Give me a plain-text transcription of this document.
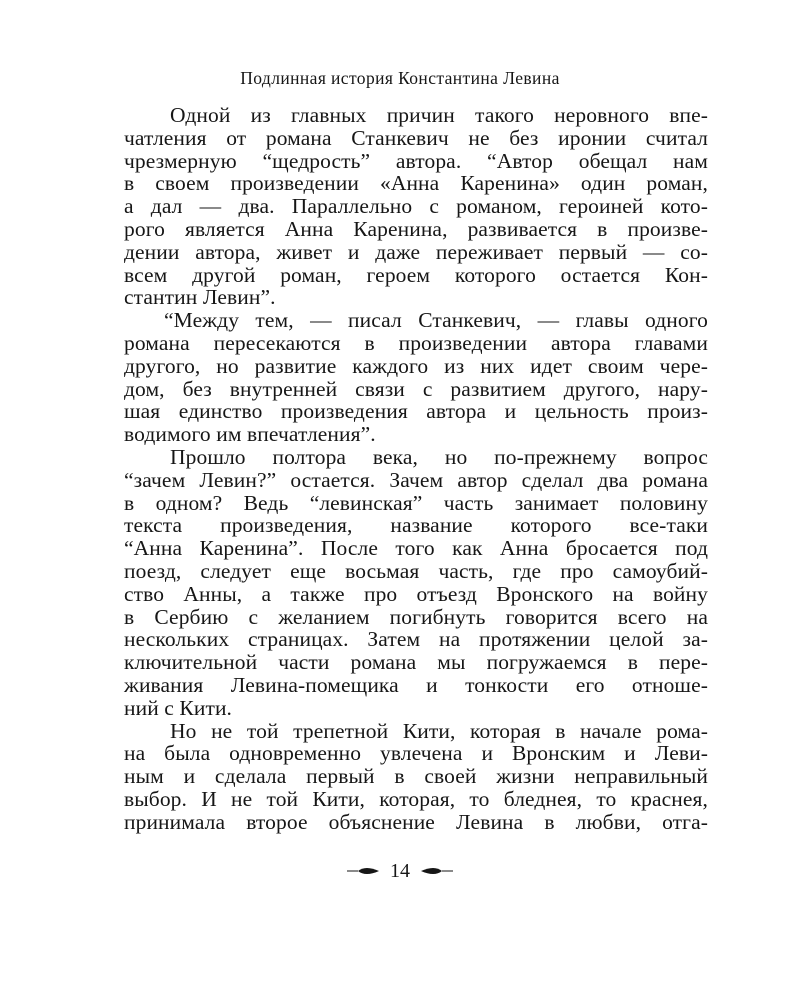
Подлинная история Константина Левина
Одной из главных причин такого неровного впе-
чатления от романа Станкевич не без иронии считал
чрезмерную “щедрость” автора. “Автор обещал нам
в своем произведении «Анна Каренина» один роман,
а дал — два. Параллельно с романом, героиней кото-
рого является Анна Каренина, развивается в произве-
дении автора, живет и даже переживает первый — со-
всем другой роман, героем которого остается Кон-
стантин Левин”.
“Между тем, — писал Станкевич, — главы одного
романа пересекаются в произведении автора главами
другого, но развитие каждого из них идет своим чере-
дом, без внутренней связи с развитием другого, нару-
шая единство произведения автора и цельность произ-
водимого им впечатления”.
Прошло полтора века, но по-прежнему вопрос
“зачем Левин?” остается. Зачем автор сделал два романа
в одном? Ведь “левинская” часть занимает половину
текста произведения, название которого все-таки
“Анна Каренина”. После того как Анна бросается под
поезд, следует еще восьмая часть, где про самоубий-
ство Анны, а также про отъезд Вронского на войну
в Сербию с желанием погибнуть говорится всего на
нескольких страницах. Затем на протяжении целой за-
ключительной части романа мы погружаемся в пере-
живания Левина-помещика и тонкости его отноше-
ний с Кити.
Но не той трепетной Кити, которая в начале рома-
на была одновременно увлечена и Вронским и Леви-
ным и сделала первый в своей жизни неправильный
выбор. И не той Кити, которая, то бледнея, то краснея,
принимала второе объяснение Левина в любви, отга-
14
